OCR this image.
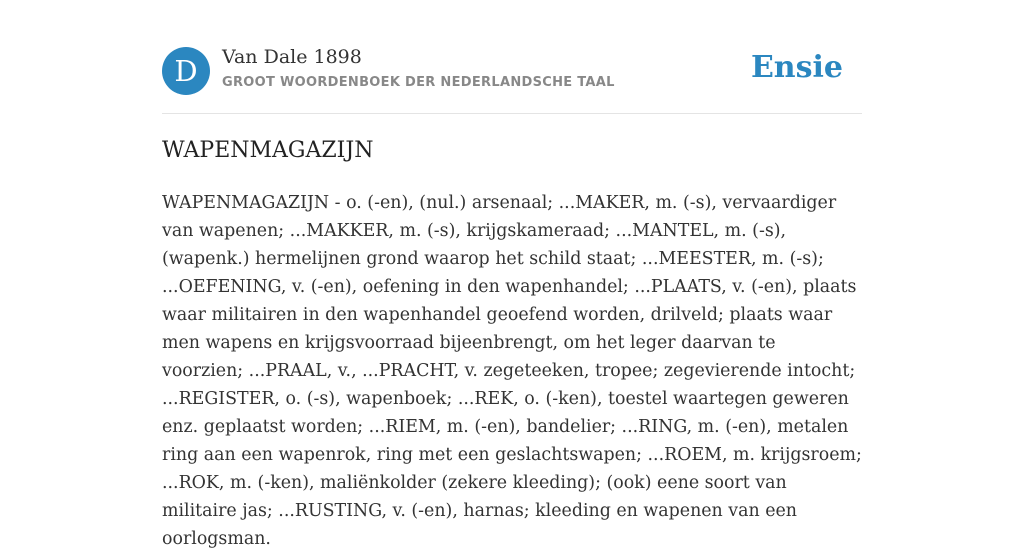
D	Van Dale 1898
GROOT WOORDENBOEK DER NEDERLANDSCHE TAAL	Ensie
WAPENMAGAZIJN

WAPENMAGAZIJN - o. (-en), (nul.) arsenaal; ...MAKER, m. (-s), vervaardiger van wapenen; ...MAKKER, m. (-s), krijgskameraad; ...MANTEL, m. (-s), (wapenk.) hermelijnen grond waarop het schild staat; ...MEESTER, m. (-s); ...OEFENING, v. (-en), oefening in den wapenhandel; ...PLAATS, v. (-en), plaats waar militairen in den wapenhandel geoefend worden, drilveld; plaats waar men wapens en krijgsvoorraad bijeenbrengt, om het leger daarvan te voorzien; ...PRAAL, v., ...PRACHT, v. zegeteeken, tropee; zegevierende intocht; ...REGISTER, o. (-s), wapenboek; ...REK, o. (-ken), toestel waartegen geweren enz. geplaatst worden; ...RIEM, m. (-en), bandelier; ...RING, m. (-en), metalen ring aan een wapenrok, ring met een geslachtswapen; ...ROEM, m. krijgsroem; ...ROK, m. (-ken), maliënkolder (zekere kleeding); (ook) eene soort van militaire jas; ...RUSTING, v. (-en), harnas; kleeding en wapenen van een oorlogsman.
